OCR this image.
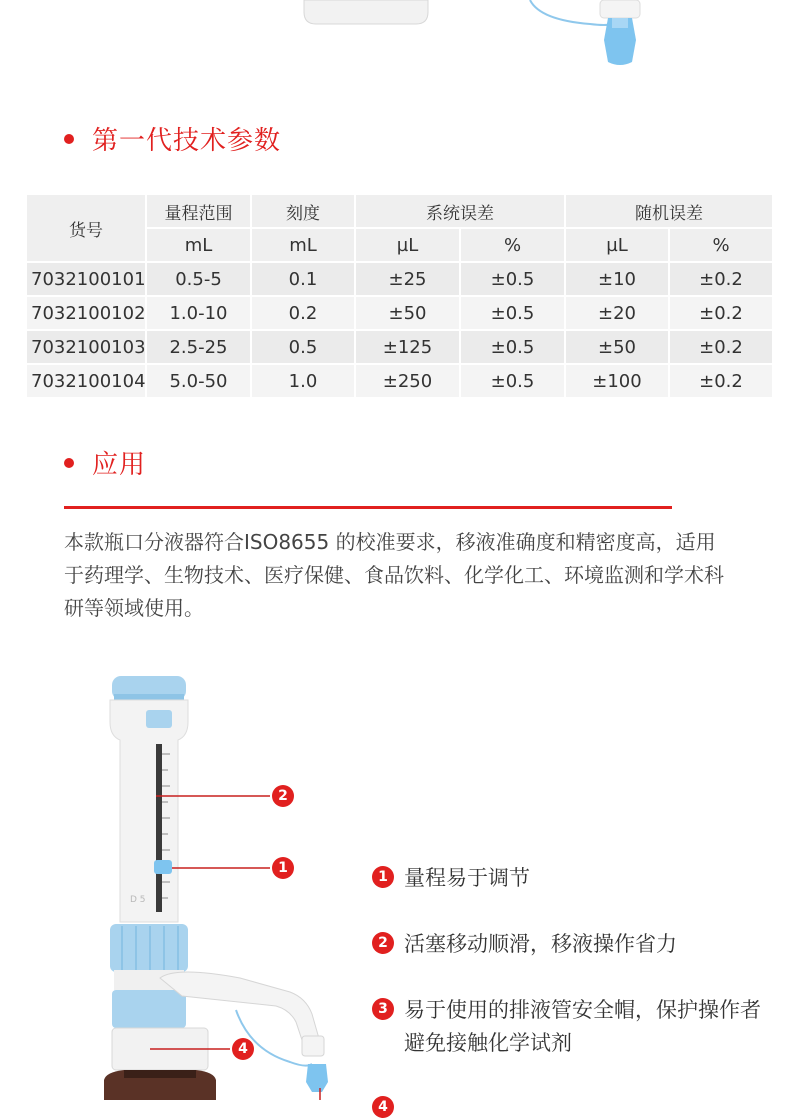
第一代技术参数
货号	量程范围	刻度	系统误差		随机误差	
	mL	mL	µL	%	µL	%
7032100101	0.5-5	0.1	±25	±0.5	±10	±0.2
7032100102	1.0-10	0.2	±50	±0.5	±20	±0.2
7032100103	2.5-25	0.5	±125	±0.5	±50	±0.2
7032100104	5.0-50	1.0	±250	±0.5	±100	±0.2
应用

本款瓶口分液器符合ISO8655 的校准要求，移液准确度和精密度高，适用于药理学、生物技术、医疗保健、食品饮料、化学化工、环境监测和学术科研等领域使用。

D 5
2
1
4
1 量程易于调节
2 活塞移动顺滑，移液操作省力
3 易于使用的排液管安全帽，保护操作者避免接触化学试剂
4
